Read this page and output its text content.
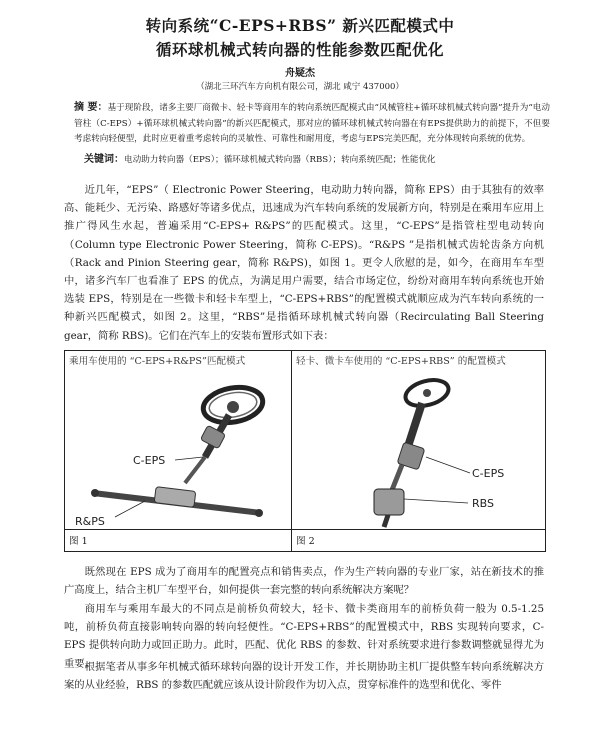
转向系统“C-EPS+RBS” 新兴匹配模式中
循环球机械式转向器的性能参数匹配优化
舟疑杰
（湖北三环汽车方向机有限公司，湖北 咸宁 437000）
摘 要：基于现阶段，诸多主要厂商微卡、轻卡等商用车的转向系统匹配模式由“风械管柱+循环球机械式转向器”提升为“电动管柱（C-EPS）+循环球机械式转向器”的新兴匹配模式，那对应的循环球机械式转向器在有EPS提供助力的前提下，不但要考虑转向轻便型，此时应更着重考虑转向的灵敏性、可靠性和耐用度，考虑与EPS完美匹配，充分体现转向系统的优势。
关键词：电动助力转向器（EPS）；循环球机械式转向器（RBS）；转向系统匹配；性能优化
近几年，“EPS”（ Electronic Power Steering，电动助力转向器，简称 EPS）由于其独有的效率高、能耗少、无污染、路感好等诸多优点，迅速成为汽车转向系统的发展新方向，特别是在乘用车应用上推广得风生水起，普遍采用“C-EPS+ R&PS”的匹配模式。这里，“C-EPS”是指管柱型电动转向（Column type Electronic Power Steering，简称 C-EPS)。“R&PS ”是指机械式齿轮齿条方向机（Rack and Pinion Steering gear，简称 R&PS)，如图 1。更令人欣慰的是，如今，在商用车车型中，诸多汽车厂也看准了 EPS 的优点，为满足用户需要，结合市场定位，纷纷对商用车转向系统也开始选装 EPS，特别是在一些微卡和轻卡车型上，“C-EPS+RBS”的配置模式就顺应成为汽车转向系统的一种新兴匹配模式，如图 2。这里，“RBS”是指循环球机械式转向器（Recirculating Ball Steering gear，简称 RBS)。它们在汽车上的安装布置形式如下表：
乘用车使用的 “C-EPS+R&PS”匹配模式
C-EPS
R&PS
图 1
轻卡、微卡车使用的 “C-EPS+RBS” 的配置模式
C-EPS
RBS
图 2
既然现在 EPS 成为了商用车的配置亮点和销售卖点，作为生产转向器的专业厂家，站在新技术的推广高度上，结合主机厂车型平台，如何提供一套完整的转向系统解决方案呢？
商用车与乘用车最大的不同点是前桥负荷较大，轻卡、微卡类商用车的前桥负荷一般为 0.5-1.25 吨，前桥负荷直接影响转向器的转向轻便性。“C-EPS+RBS”的配置模式中，RBS 实现转向要求，C-EPS 提供转向助力或回正助力。此时，匹配、优化 RBS 的参数、针对系统要求进行参数调整就显得尤为重要。
根据笔者从事多年机械式循环球转向器的设计开发工作，并长期协助主机厂提供整车转向系统解决方案的从业经验，RBS 的参数匹配就应该从设计阶段作为切入点，贯穿标准件的选型和优化、零件
